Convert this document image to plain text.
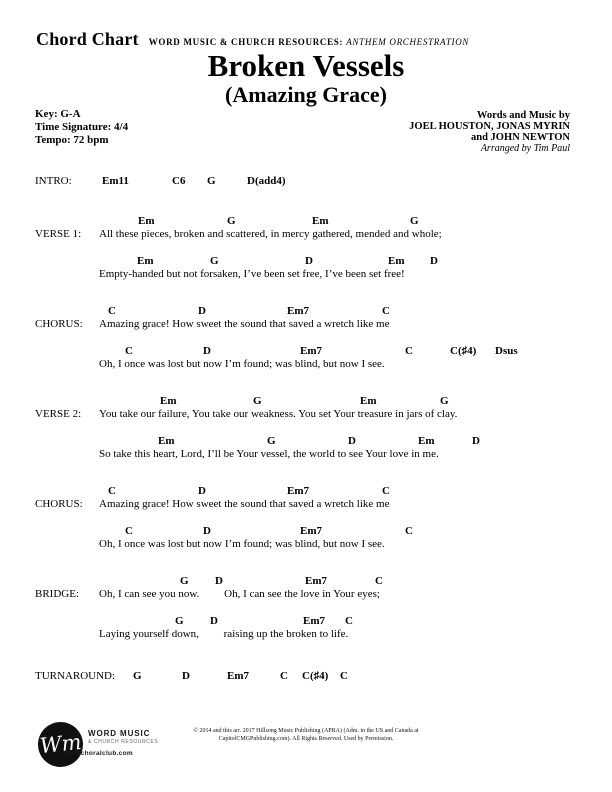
Chord Chart WORD MUSIC & CHURCH RESOURCES: ANTHEM ORCHESTRATION
Broken Vessels
(Amazing Grace)
Key: G-A
Time Signature: 4/4
Tempo: 72 bpm
Words and Music by
JOEL HOUSTON, JONAS MYRIN
and JOHN NEWTON
Arranged by Tim Paul
INTRO:	Em11	C6 G	D(add4)
Em	G	Em	G
VERSE 1: All these pieces, broken and scattered, in mercy gathered, mended and whole;
Em	G	D	Em D
Empty-handed but not forsaken, I’ve been set free, I’ve been set free!
C	D	Em7	C
CHORUS: Amazing grace! How sweet the sound that saved a wretch like me
C	D	Em7	C	C(♯4) Dsus
Oh, I once was lost but now I’m found; was blind, but now I see.
Em	G	Em	G
VERSE 2: You take our failure, You take our weakness. You set Your treasure in jars of clay.
Em	G	D	Em	D
So take this heart, Lord, I’ll be Your vessel, the world to see Your love in me.
C	D	Em7	C
CHORUS: Amazing grace! How sweet the sound that saved a wretch like me
C	D	Em7	C
Oh, I once was lost but now I’m found; was blind, but now I see.
G D	Em7	C
BRIDGE: Oh, I can see you now.         Oh, I can see the love in Your eyes;
G D	Em7 C
Laying yourself down,         raising up the broken to life.
TURNAROUND: G	D	Em7	C C(♯4) C
Wm WORD MUSIC
& CHURCH RESOURCES
wordchoralclub.com
© 2014 and this arr. 2017 Hillsong Music Publishing (APRA) (Adm. in the US and Canada at
CapitolCMGPublishing.com). All Rights Reserved. Used by Permission.
